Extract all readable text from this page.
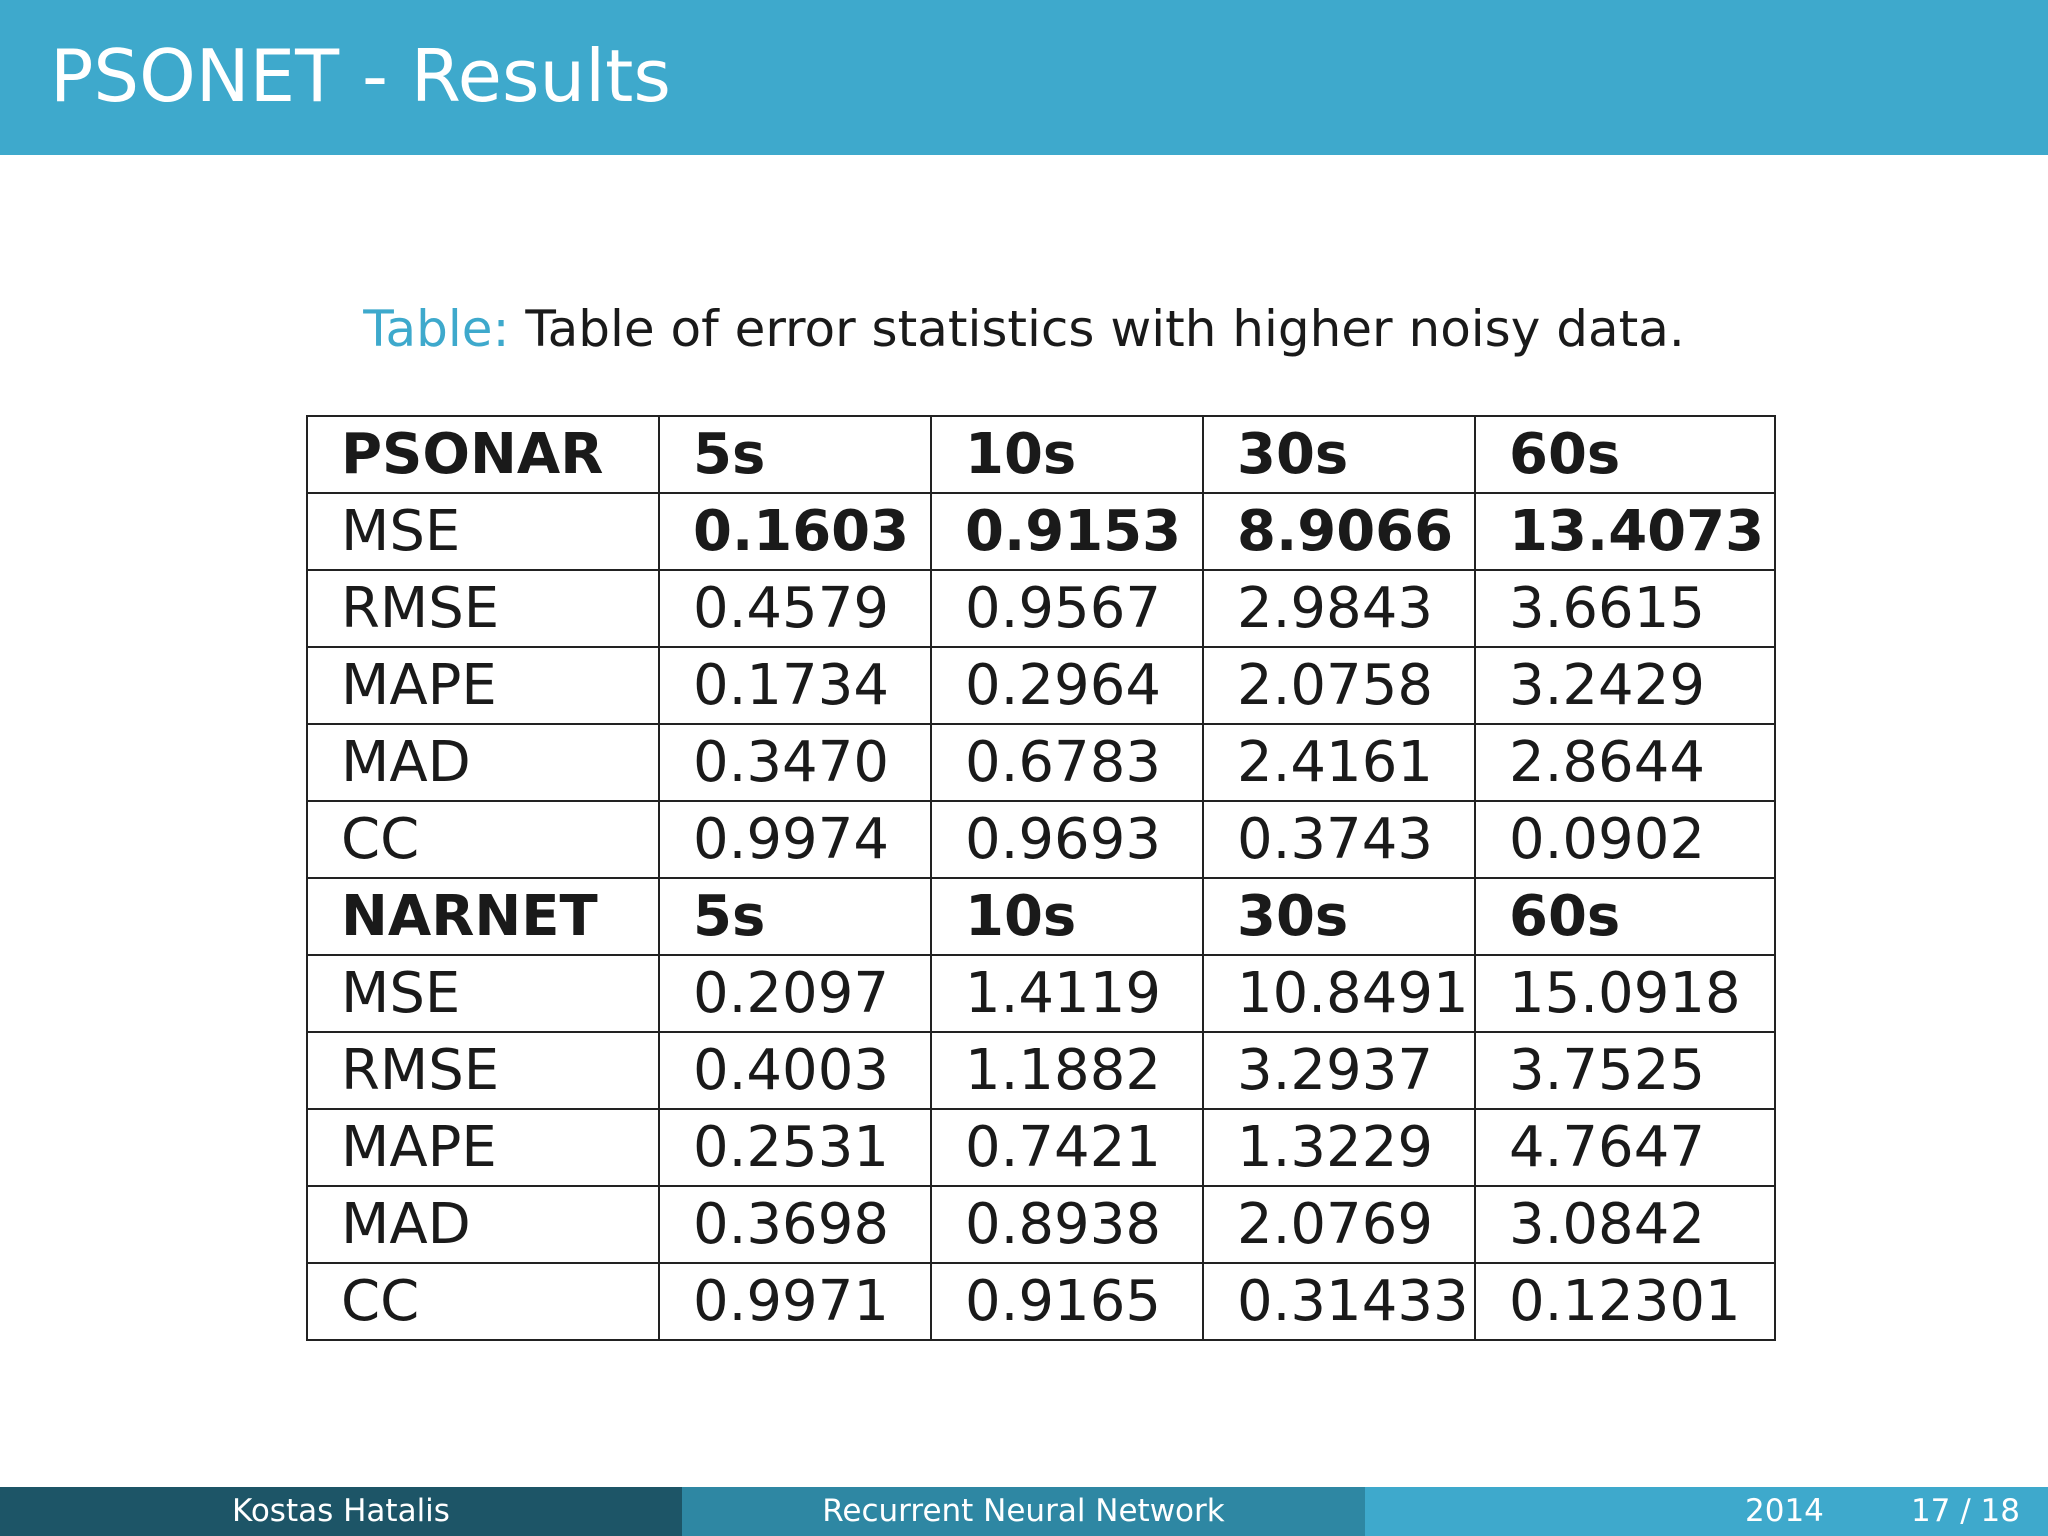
PSONET - Results
Table: Table of error statistics with higher noisy data.
PSONAR	5s	10s	30s	60s
MSE	0.1603	0.9153	8.9066	13.4073
RMSE	0.4579	0.9567	2.9843	3.6615
MAPE	0.1734	0.2964	2.0758	3.2429
MAD	0.3470	0.6783	2.4161	2.8644
CC	0.9974	0.9693	0.3743	0.0902
NARNET	5s	10s	30s	60s
MSE	0.2097	1.4119	10.8491	15.0918
RMSE	0.4003	1.1882	3.2937	3.7525
MAPE	0.2531	0.7421	1.3229	4.7647
MAD	0.3698	0.8938	2.0769	3.0842
CC	0.9971	0.9165	0.31433	0.12301
Kostas Hatalis	Recurrent Neural Network	2014	17 / 18
